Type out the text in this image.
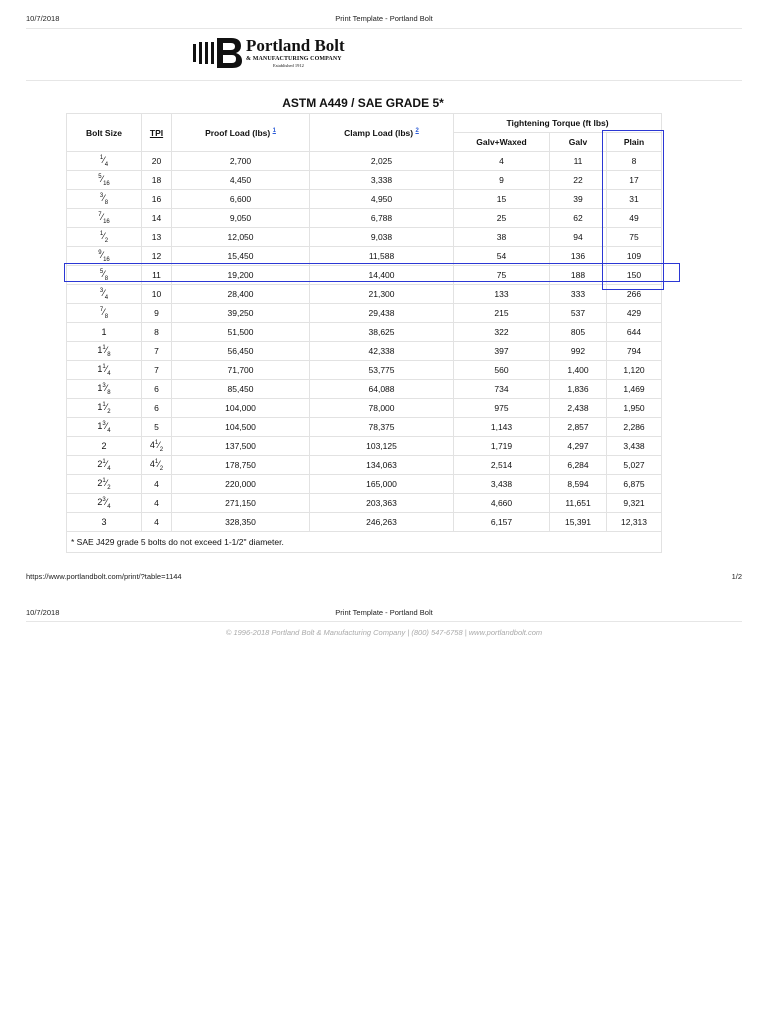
10/7/2018	Print Template - Portland Bolt
Portland Bolt
& MANUFACTURING COMPANY
Established 1912
ASTM A449 / SAE GRADE 5*
Bolt Size	TPI	Proof Load (lbs) $^1$	Clamp Load (lbs) $^2$	Tightening Torque (ft lbs)		
				Galv+Waxed	Galv	Plain
$^1⁄_4$	20	2,700	2,025	4	11	8
$^5⁄_{16}$	18	4,450	3,338	9	22	17
$^3⁄_8$	16	6,600	4,950	15	39	31
$^7⁄_{16}$	14	9,050	6,788	25	62	49
$^1⁄_2$	13	12,050	9,038	38	94	75
$^9⁄_{16}$	12	15,450	11,588	54	136	109
$^5⁄_8$	11	19,200	14,400	75	188	150
$^3⁄_4$	10	28,400	21,300	133	333	266
$^7⁄_8$	9	39,250	29,438	215	537	429
1	8	51,500	38,625	322	805	644
$1^1⁄_8$	7	56,450	42,338	397	992	794
$1^1⁄_4$	7	71,700	53,775	560	1,400	1,120
$1^3⁄_8$	6	85,450	64,088	734	1,836	1,469
$1^1⁄_2$	6	104,000	78,000	975	2,438	1,950
$1^3⁄_4$	5	104,500	78,375	1,143	2,857	2,286
2	$4^1⁄_2$	137,500	103,125	1,719	4,297	3,438
$2^1⁄_4$	$4^1⁄_2$	178,750	134,063	2,514	6,284	5,027
$2^1⁄_2$	4	220,000	165,000	3,438	8,594	6,875
$2^3⁄_4$	4	271,150	203,363	4,660	11,651	9,321
3	4	328,350	246,263	6,157	15,391	12,313
* SAE J429 grade 5 bolts do not exceed 1-1/2" diameter.						
https://www.portlandbolt.com/print/?table=1144	1/2
10/7/2018	Print Template - Portland Bolt
© 1996-2018 Portland Bolt & Manufacturing Company | (800) 547-6758 | www.portlandbolt.com
